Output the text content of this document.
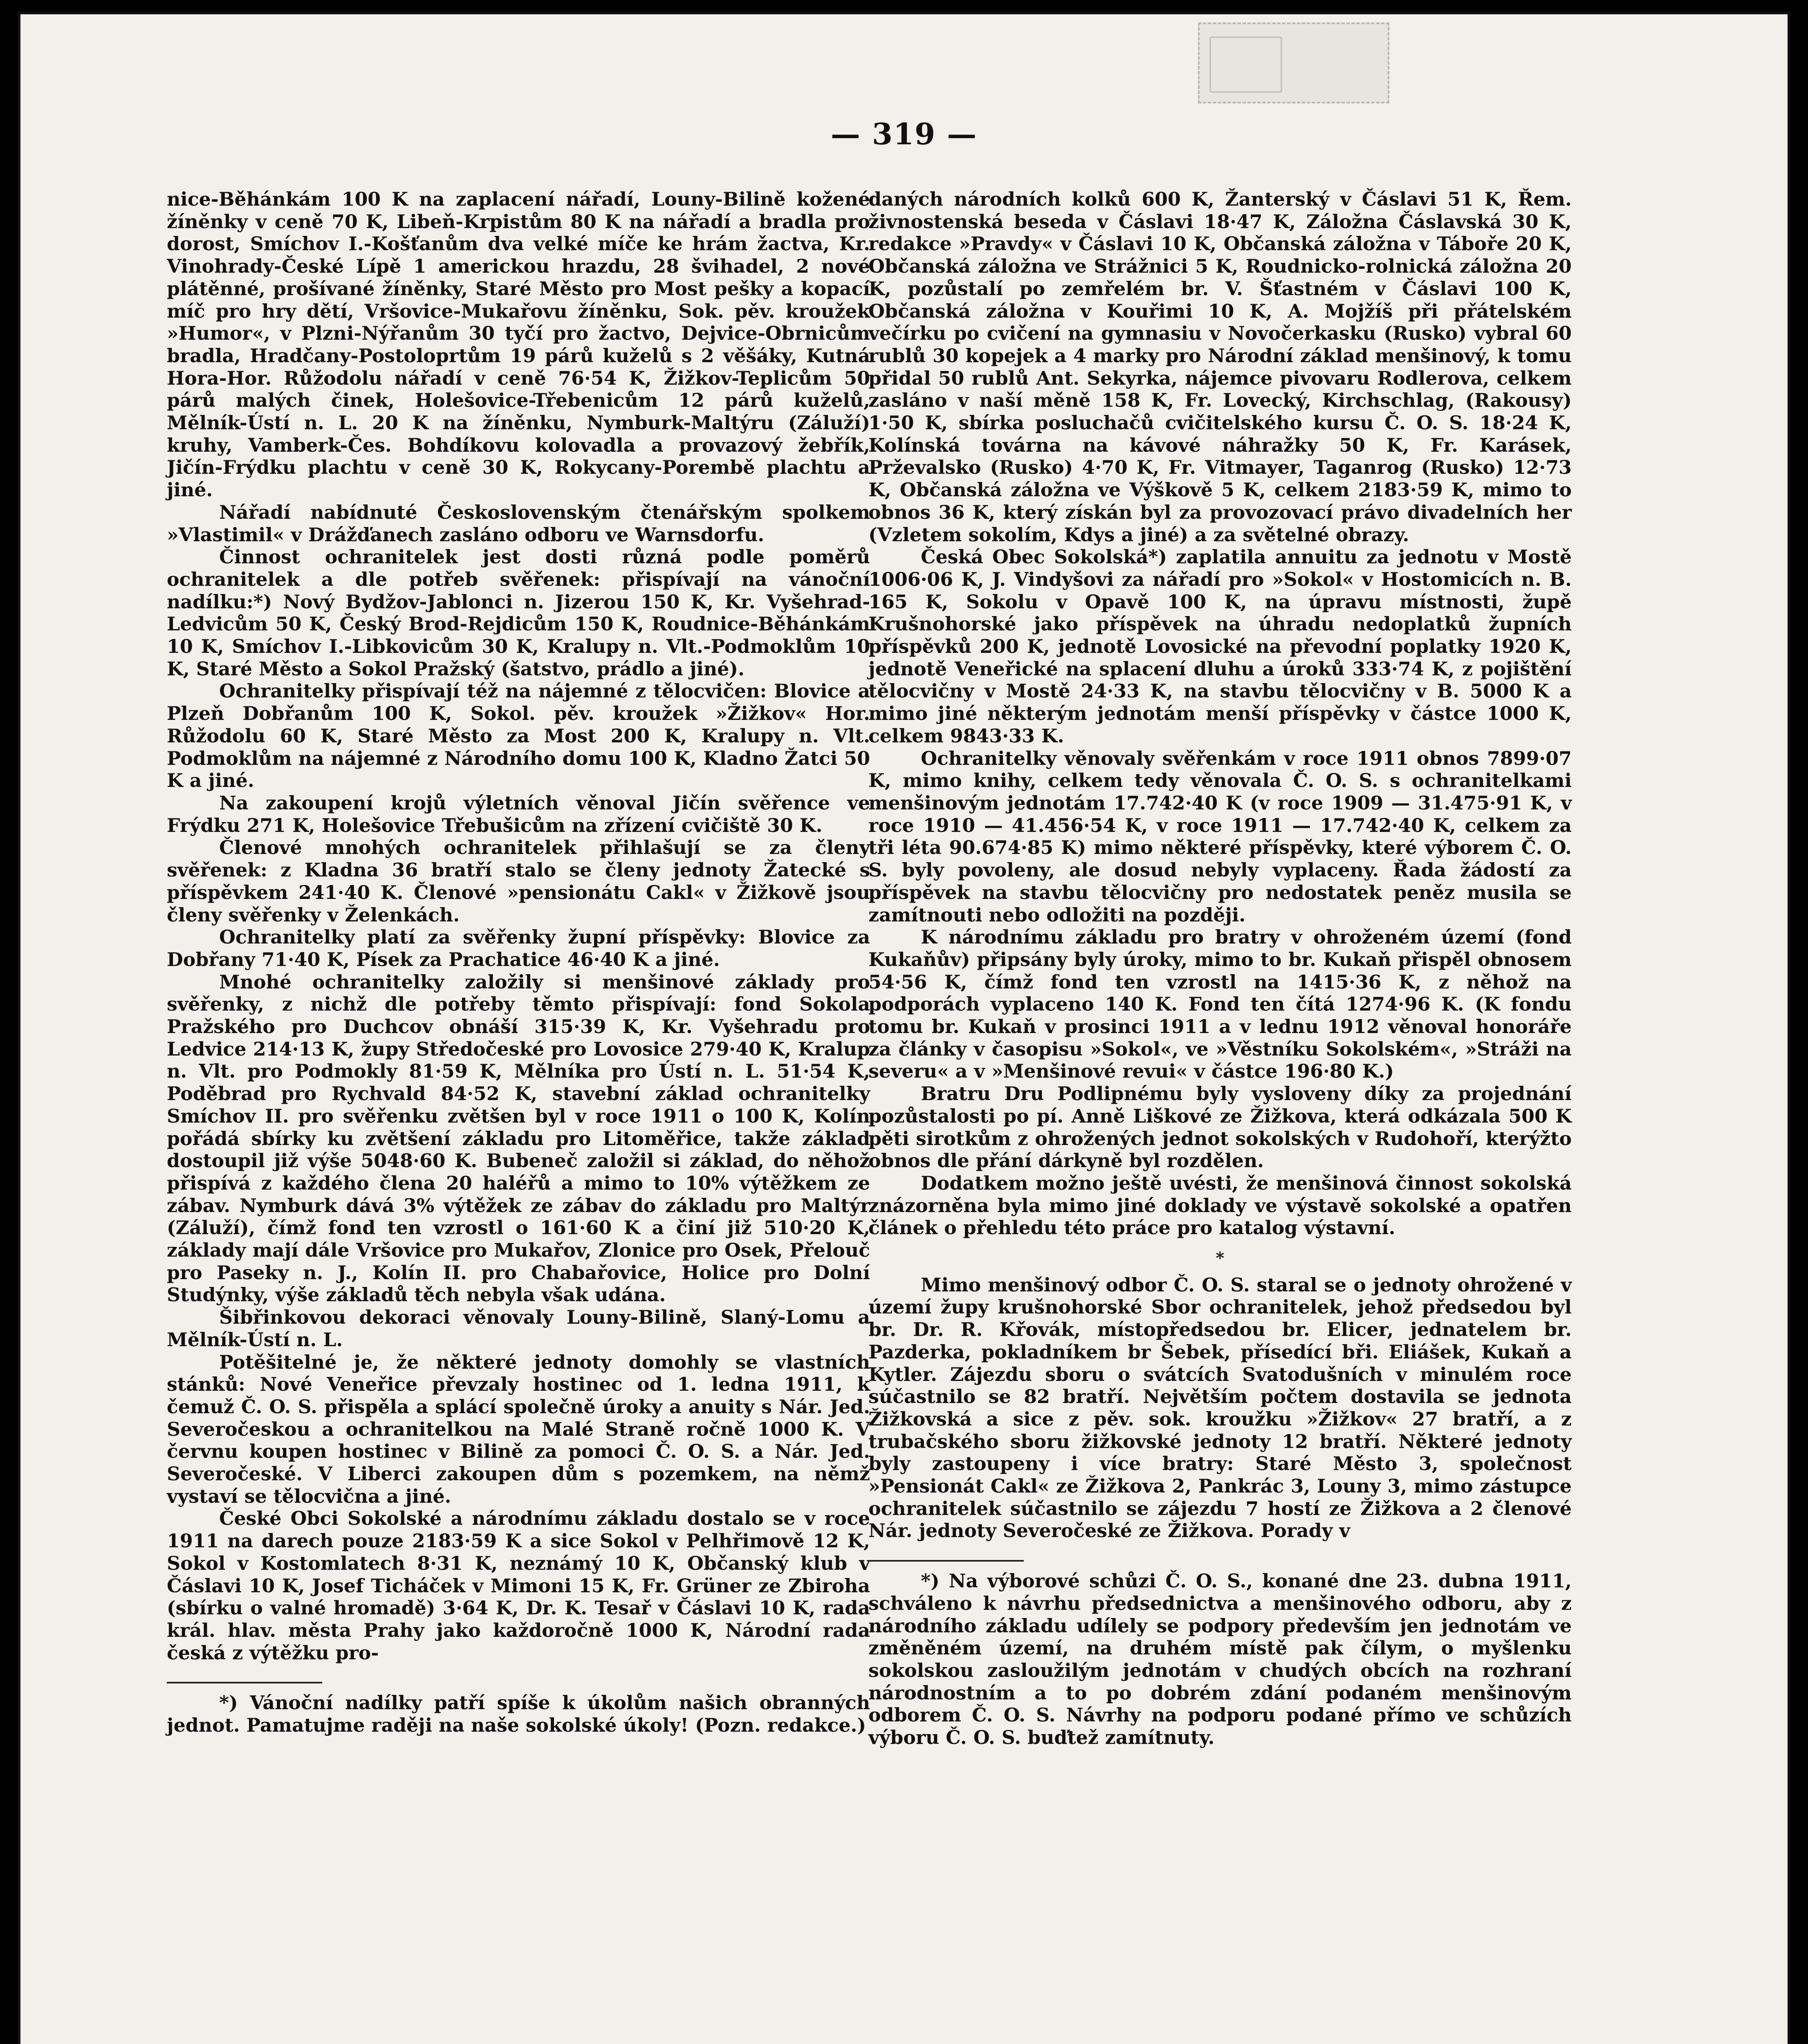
— 319 —

nice-Běhánkám 100 K na zaplacení nářadí, Louny-Bilině kožené žíněnky v ceně 70 K, Libeň-Krpistům 80 K na nářadí a bradla pro dorost, Smíchov I.-Košťanům dva velké míče ke hrám žactva, Kr. Vinohrady-České Lípě 1 americkou hrazdu, 28 švihadel, 2 nové plátěnné, prošívané žíněnky, Staré Město pro Most pešky a kopací míč pro hry dětí, Vršovice-Mukařovu žíněnku, Sok. pěv. kroužek »Humor«, v Plzni-Nýřanům 30 tyčí pro žactvo, Dejvice-Obrnicům bradla, Hradčany-Postoloprtům 19 párů kuželů s 2 věšáky, Kutná Hora-Hor. Růžodolu nářadí v ceně 76·54 K, Žižkov-Teplicům 50 párů malých činek, Holešovice-Třebenicům 12 párů kuželů, Mělník-Ústí n. L. 20 K na žíněnku, Nymburk-Maltýru (Záluží) kruhy, Vamberk-Čes. Bohdíkovu kolovadla a provazový žebřík, Jičín-Frýdku plachtu v ceně 30 K, Rokycany-Porembě plachtu a jiné.

Nářadí nabídnuté Československým čtenářským spolkem »Vlastimil« v Drážďanech zasláno odboru ve Warnsdorfu.

Činnost ochranitelek jest dosti různá podle poměrů ochranitelek a dle potřeb svěřenek: přispívají na vánoční nadílku:*) Nový Bydžov-Jablonci n. Jizerou 150 K, Kr. Vyšehrad-Ledvicům 50 K, Český Brod-Rejdicům 150 K, Roudnice-Běhánkám 10 K, Smíchov I.-Libkovicům 30 K, Kralupy n. Vlt.-Podmoklům 10 K, Staré Město a Sokol Pražský (šatstvo, prádlo a jiné).

Ochranitelky přispívají též na nájemné z tělocvičen: Blovice a Plzeň Dobřanům 100 K, Sokol. pěv. kroužek »Žižkov« Hor. Růžodolu 60 K, Staré Město za Most 200 K, Kralupy n. Vlt. Podmoklům na nájemné z Národního domu 100 K, Kladno Žatci 50 K a jiné.

Na zakoupení krojů výletních věnoval Jičín svěřence ve Frýdku 271 K, Holešovice Třebušicům na zřízení cvičiště 30 K.

Členové mnohých ochranitelek přihlašují se za členy svěřenek: z Kladna 36 bratří stalo se členy jednoty Žatecké s příspěvkem 241·40 K. Členové »pensionátu Cakl« v Žižkově jsou členy svěřenky v Želenkách.

Ochranitelky platí za svěřenky župní příspěvky: Blovice za Dobřany 71·40 K, Písek za Prachatice 46·40 K a jiné.

Mnohé ochranitelky založily si menšinové základy pro svěřenky, z nichž dle potřeby těmto přispívají: fond Sokola Pražského pro Duchcov obnáší 315·39 K, Kr. Vyšehradu pro Ledvice 214·13 K, župy Středočeské pro Lovosice 279·40 K, Kralup n. Vlt. pro Podmokly 81·59 K, Mělníka pro Ústí n. L. 51·54 K, Poděbrad pro Rychvald 84·52 K, stavební základ ochranitelky Smíchov II. pro svěřenku zvětšen byl v roce 1911 o 100 K, Kolín pořádá sbírky ku zvětšení základu pro Litoměřice, takže základ dostoupil již výše 5048·60 K. Bubeneč založil si základ, do něhož přispívá z každého člena 20 haléřů a mimo to 10% výtěžkem ze zábav. Nymburk dává 3% výtěžek ze zábav do základu pro Maltýr (Záluží), čímž fond ten vzrostl o 161·60 K a činí již 510·20 K, základy mají dále Vršovice pro Mukařov, Zlonice pro Osek, Přelouč pro Paseky n. J., Kolín II. pro Chabařovice, Holice pro Dolní Studýnky, výše základů těch nebyla však udána.

Šibřinkovou dekoraci věnovaly Louny-Bilině, Slaný-Lomu a Mělník-Ústí n. L.

Potěšitelné je, že některé jednoty domohly se vlastních stánků: Nové Veneřice převzaly hostinec od 1. ledna 1911, k čemuž Č. O. S. přispěla a splácí společně úroky a anuity s Nár. Jed. Severočeskou a ochranitelkou na Malé Straně ročně 1000 K. V červnu koupen hostinec v Bilině za pomoci Č. O. S. a Nár. Jed. Severočeské. V Liberci zakoupen dům s pozemkem, na němž vystaví se tělocvična a jiné.

České Obci Sokolské a národnímu základu dostalo se v roce 1911 na darech pouze 2183·59 K a sice Sokol v Pelhřimově 12 K, Sokol v Kostomlatech 8·31 K, neznámý 10 K, Občanský klub v Čáslavi 10 K, Josef Ticháček v Mimoni 15 K, Fr. Grüner ze Zbiroha (sbírku o valné hromadě) 3·64 K, Dr. K. Tesař v Čáslavi 10 K, rada král. hlav. města Prahy jako každoročně 1000 K, Národní rada česká z výtěžku pro-

*) Vánoční nadílky patří spíše k úkolům našich obranných jednot. Pamatujme raději na naše sokolské úkoly! (Pozn. redakce.)

daných národních kolků 600 K, Žanterský v Čáslavi 51 K, Řem. živnostenská beseda v Čáslavi 18·47 K, Záložna Čáslavská 30 K, redakce »Pravdy« v Čáslavi 10 K, Občanská záložna v Táboře 20 K, Občanská záložna ve Strážnici 5 K, Roudnicko-rolnická záložna 20 K, pozůstalí po zemřelém br. V. Šťastném v Čáslavi 100 K, Občanská záložna v Kouřimi 10 K, A. Mojžíš při přátelském večírku po cvičení na gymnasiu v Novočerkasku (Rusko) vybral 60 rublů 30 kopejek a 4 marky pro Národní základ menšinový, k tomu přidal 50 rublů Ant. Sekyrka, nájemce pivovaru Rodlerova, celkem zasláno v naší měně 158 K, Fr. Lovecký, Kirchschlag, (Rakousy) 1·50 K, sbírka posluchačů cvičitelského kursu Č. O. S. 18·24 K, Kolínská továrna na kávové náhražky 50 K, Fr. Karásek, Prževalsko (Rusko) 4·70 K, Fr. Vitmayer, Taganrog (Rusko) 12·73 K, Občanská záložna ve Výškově 5 K, celkem 2183·59 K, mimo to obnos 36 K, který získán byl za provozovací právo divadelních her (Vzletem sokolím, Kdys a jiné) a za světelné obrazy.

Česká Obec Sokolská*) zaplatila annuitu za jednotu v Mostě 1006·06 K, J. Vindyšovi za nářadí pro »Sokol« v Hostomicích n. B. 165 K, Sokolu v Opavě 100 K, na úpravu místnosti, župě Krušnohorské jako příspěvek na úhradu nedoplatků župních příspěvků 200 K, jednotě Lovosické na převodní poplatky 1920 K, jednotě Veneřické na splacení dluhu a úroků 333·74 K, z pojištění tělocvičny v Mostě 24·33 K, na stavbu tělocvičny v B. 5000 K a mimo jiné některým jednotám menší příspěvky v částce 1000 K, celkem 9843·33 K.

Ochranitelky věnovaly svěřenkám v roce 1911 obnos 7899·07 K, mimo knihy, celkem tedy věnovala Č. O. S. s ochranitelkami menšinovým jednotám 17.742·40 K (v roce 1909 — 31.475·91 K, v roce 1910 — 41.456·54 K, v roce 1911 — 17.742·40 K, celkem za tři léta 90.674·85 K) mimo některé příspěvky, které výborem Č. O. S. byly povoleny, ale dosud nebyly vyplaceny. Řada žádostí za příspěvek na stavbu tělocvičny pro nedostatek peněz musila se zamítnouti nebo odložiti na později.

K národnímu základu pro bratry v ohroženém území (fond Kukaňův) připsány byly úroky, mimo to br. Kukaň přispěl obnosem 54·56 K, čímž fond ten vzrostl na 1415·36 K, z něhož na podporách vyplaceno 140 K. Fond ten čítá 1274·96 K. (K fondu tomu br. Kukaň v prosinci 1911 a v lednu 1912 věnoval honoráře za články v časopisu »Sokol«, ve »Věstníku Sokolském«, »Stráži na severu« a v »Menšinové revui« v částce 196·80 K.)

Bratru Dru Podlipnému byly vysloveny díky za projednání pozůstalosti po pí. Anně Liškové ze Žižkova, která odkázala 500 K pěti sirotkům z ohrožených jednot sokolských v Rudohoří, kterýžto obnos dle přání dárkyně byl rozdělen.

Dodatkem možno ještě uvésti, že menšinová činnost sokolská znázorněna byla mimo jiné doklady ve výstavě sokolské a opatřen článek o přehledu této práce pro katalog výstavní.

*

Mimo menšinový odbor Č. O. S. staral se o jednoty ohrožené v území župy krušnohorské Sbor ochranitelek, jehož předsedou byl br. Dr. R. Křovák, místopředsedou br. Elicer, jednatelem br. Pazderka, pokladníkem br Šebek, přísedící bři. Eliášek, Kukaň a Kytler. Zájezdu sboru o svátcích Svatodušních v minulém roce súčastnilo se 82 bratří. Největším počtem dostavila se jednota Žižkovská a sice z pěv. sok. kroužku »Žižkov« 27 bratří, a z trubačského sboru žižkovské jednoty 12 bratří. Některé jednoty byly zastoupeny i více bratry: Staré Město 3, společnost »Pensionát Cakl« ze Žižkova 2, Pankrác 3, Louny 3, mimo zástupce ochranitelek súčastnilo se zájezdu 7 hostí ze Žižkova a 2 členové Nár. jednoty Severočeské ze Žižkova. Porady v

*) Na výborové schůzi Č. O. S., konané dne 23. dubna 1911, schváleno k návrhu předsednictva a menšinového odboru, aby z národního základu udílely se podpory především jen jednotám ve změněném území, na druhém místě pak čílym, o myšlenku sokolskou zasloužilým jednotám v chudých obcích na rozhraní národnostním a to po dobrém zdání podaném menšinovým odborem Č. O. S. Návrhy na podporu podané přímo ve schůzích výboru Č. O. S. buďtež zamítnuty.
